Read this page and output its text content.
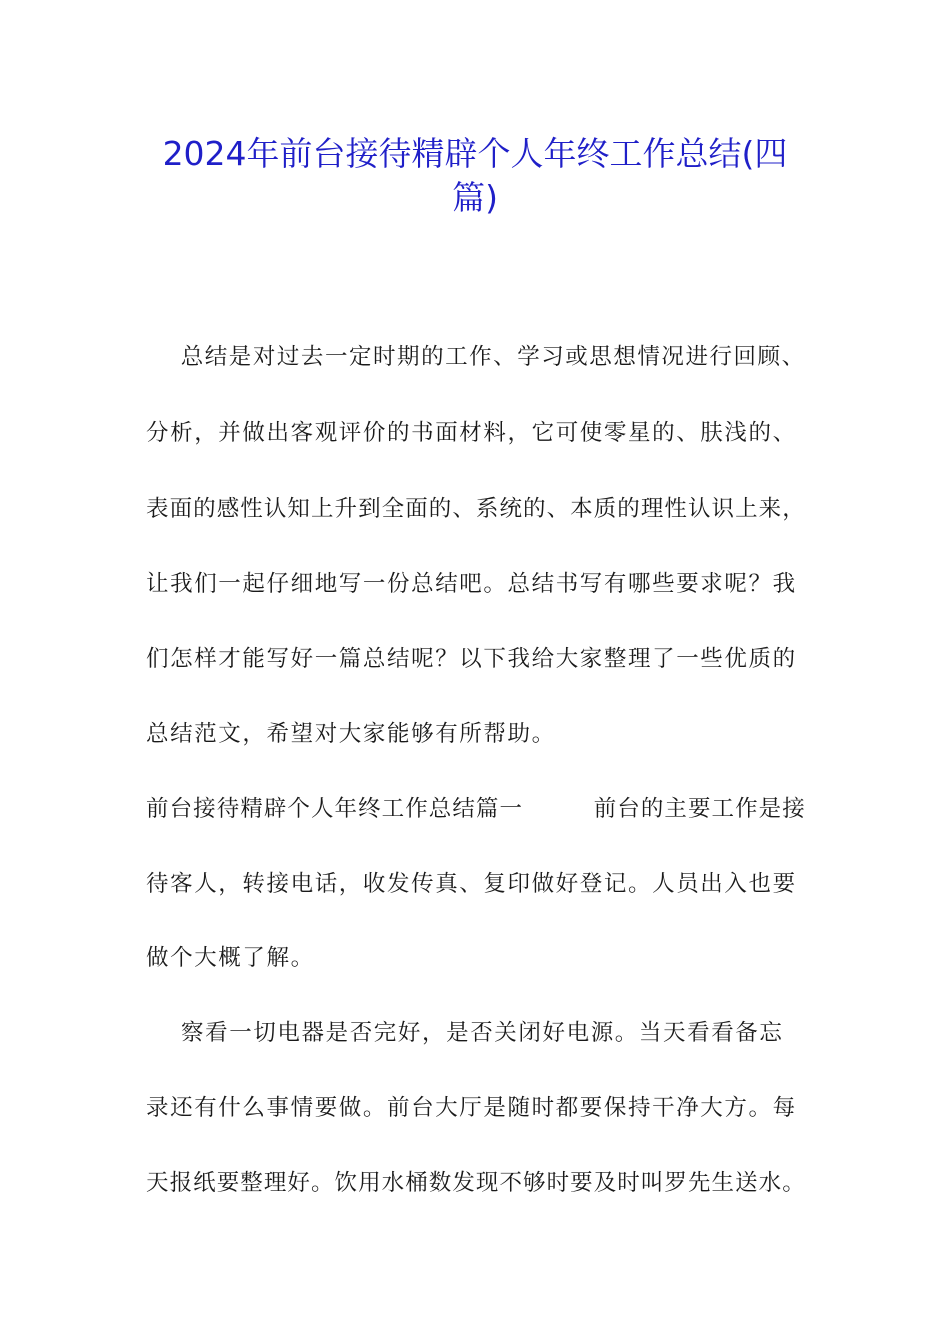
2024年前台接待精辟个人年终工作总结(四
篇)
总结是对过去一定时期的工作、学习或思想情况进行回顾、
分析，并做出客观评价的书面材料，它可使零星的、肤浅的、
表面的感性认知上升到全面的、系统的、本质的理性认识上来，
让我们一起仔细地写一份总结吧。总结书写有哪些要求呢？我
们怎样才能写好一篇总结呢？以下我给大家整理了一些优质的
总结范文，希望对大家能够有所帮助。
前台接待精辟个人年终工作总结篇一　　　前台的主要工作是接
待客人，转接电话，收发传真、复印做好登记。人员出入也要
做个大概了解。
察看一切电器是否完好，是否关闭好电源。当天看看备忘
录还有什么事情要做。前台大厅是随时都要保持干净大方。每
天报纸要整理好。饮用水桶数发现不够时要及时叫罗先生送水。
